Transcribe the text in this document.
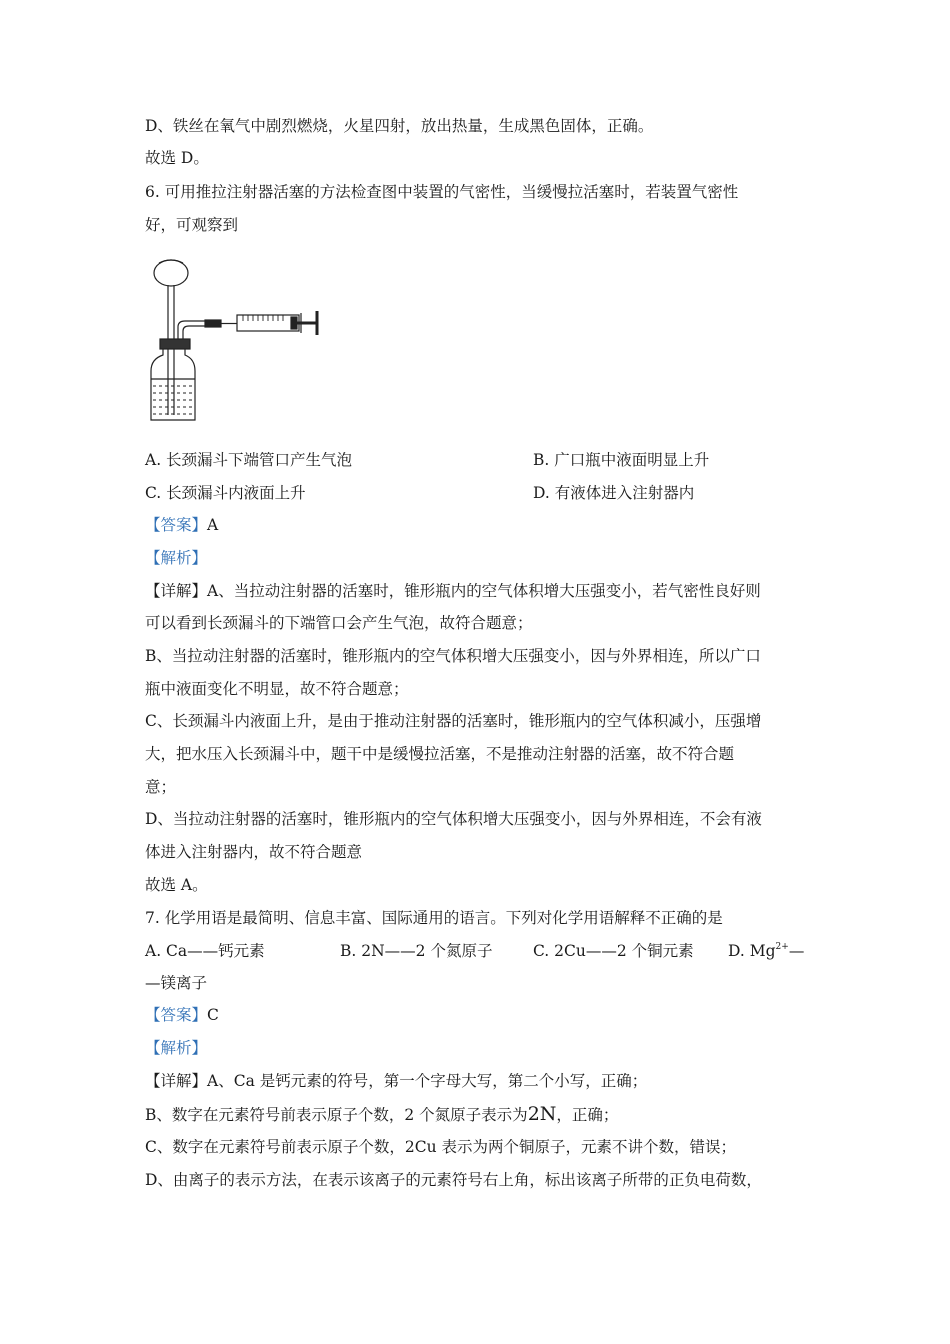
D、铁丝在氧气中剧烈燃烧，火星四射，放出热量，生成黑色固体，正确。
故选 D。
6. 可用推拉注射器活塞的方法检查图中装置的气密性，当缓慢拉活塞时，若装置气密性
好，可观察到
A. 长颈漏斗下端管口产生气泡	B. 广口瓶中液面明显上升
C. 长颈漏斗内液面上升	D. 有液体进入注射器内
【答案】A
【解析】
【详解】A、当拉动注射器的活塞时，锥形瓶内的空气体积增大压强变小，若气密性良好则
可以看到长颈漏斗的下端管口会产生气泡，故符合题意；
B、当拉动注射器的活塞时，锥形瓶内的空气体积增大压强变小，因与外界相连，所以广口
瓶中液面变化不明显，故不符合题意；
C、长颈漏斗内液面上升，是由于推动注射器的活塞时，锥形瓶内的空气体积减小，压强增
大，把水压入长颈漏斗中，题干中是缓慢拉活塞，不是推动注射器的活塞，故不符合题
意；
D、当拉动注射器的活塞时，锥形瓶内的空气体积增大压强变小，因与外界相连，不会有液
体进入注射器内，故不符合题意
故选 A。
7. 化学用语是最简明、信息丰富、国际通用的语言。下列对化学用语解释不正确的是
A. Ca——钙元素	B. 2N——2 个氮原子	C. 2Cu——2 个铜元素 D. $Mg^{2+}—$
—镁离子
【答案】C
【解析】
【详解】A、Ca 是钙元素的符号，第一个字母大写，第二个小写，正确；
B、数字在元素符号前表示原子个数，2 个氮原子表示为2N，正确；
C、数字在元素符号前表示原子个数，2Cu 表示为两个铜原子，元素不讲个数，错误；
D、由离子的表示方法，在表示该离子的元素符号右上角，标出该离子所带的正负电荷数，
